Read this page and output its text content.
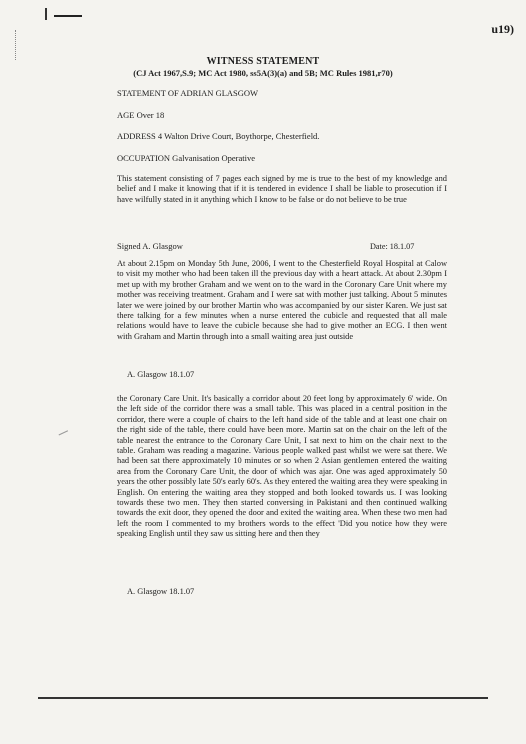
u19)
WITNESS STATEMENT
(CJ Act 1967,S.9; MC Act 1980, ss5A(3)(a) and 5B; MC Rules 1981,r70)
STATEMENT OF ADRIAN GLASGOW
AGE Over 18
ADDRESS 4 Walton Drive Court, Boythorpe, Chesterfield.
OCCUPATION Galvanisation Operative

This statement consisting of 7 pages each signed by me is true to the best of my knowledge and belief and I make it knowing that if it is tendered in evidence I shall be liable to prosecution if I have wilfully stated in it anything which I know to be false or do not believe to be true

Signed A. Glasgow	Date: 18.1.07

At about 2.15pm on Monday 5th June, 2006, I went to the Chesterfield Royal Hospital at Calow to visit my mother who had been taken ill the previous day with a heart attack. At about 2.30pm I met up with my brother Graham and we went on to the ward in the Coronary Care Unit where my mother was receiving treatment. Graham and I were sat with mother just talking. About 5 minutes later we were joined by our brother Martin who was accompanied by our sister Karen. We just sat there talking for a few minutes when a nurse entered the cubicle and requested that all male relations would have to leave the cubicle because she had to give mother an ECG. I then went with Graham and Martin through into a small waiting area just outside

A. Glasgow 18.1.07

the Coronary Care Unit. It's basically a corridor about 20 feet long by approximately 6' wide. On the left side of the corridor there was a small table. This was placed in a central position in the corridor, there were a couple of chairs to the left hand side of the table and at least one chair on the right side of the table, there could have been more. Martin sat on the chair on the left of the table nearest the entrance to the Coronary Care Unit, I sat next to him on the chair next to the table. Graham was reading a magazine. Various people walked past whilst we were sat there. We had been sat there approximately 10 minutes or so when 2 Asian gentlemen entered the waiting area from the Coronary Care Unit, the door of which was ajar. One was aged approximately 50 years the other possibly late 50's early 60's. As they entered the waiting area they were speaking in English. On entering the waiting area they stopped and both looked towards us. I was looking towards these two men. They then started conversing in Pakistani and then continued walking towards the exit door, they opened the door and exited the waiting area. When these two men had left the room I commented to my brothers words to the effect 'Did you notice how they were speaking English until they saw us sitting here and then they

A. Glasgow 18.1.07
